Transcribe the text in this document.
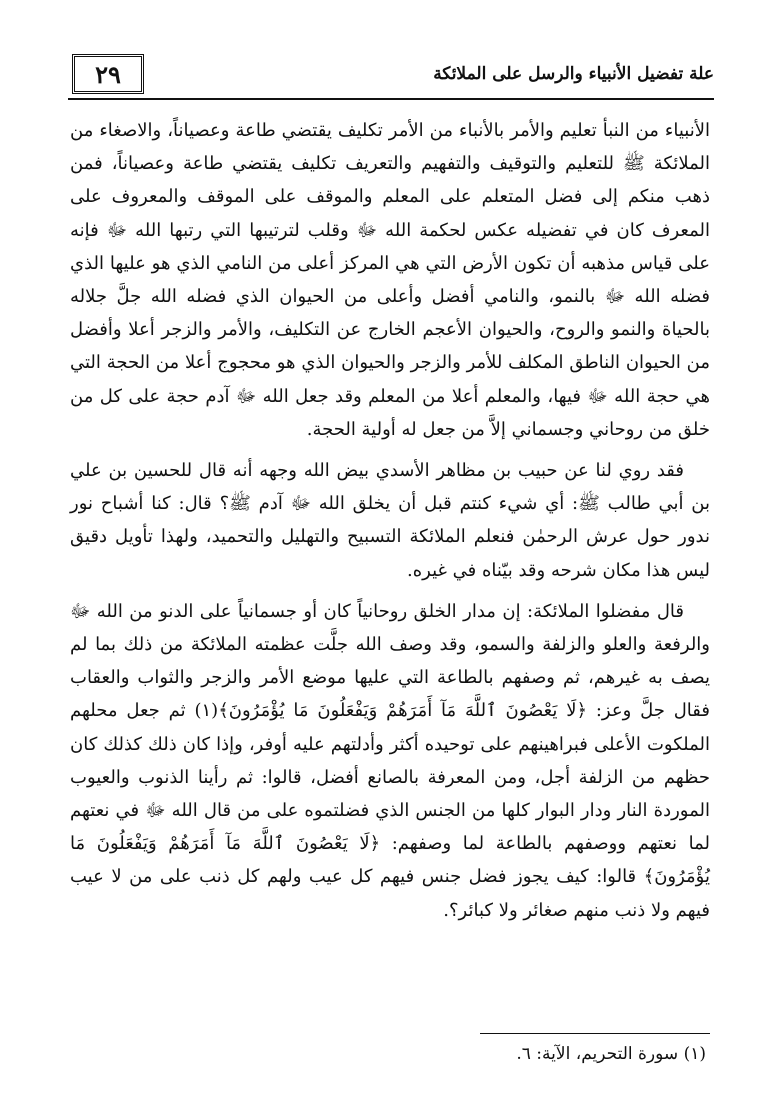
علة تفضيل الأنبياء والرسل على الملائكة
٢٩

الأنبياء من النبأ تعليم والأمر بالأنباء من الأمر تكليف يقتضي طاعة وعصياناً، والاصغاء من الملائكة ﷺ للتعليم والتوقيف والتفهيم والتعريف تكليف يقتضي طاعة وعصياناً، فمن ذهب منكم إلى فضل المتعلم على المعلم والموقف على الموقف والمعروف على المعرف كان في تفضيله عكس لحكمة الله ﷻ وقلب لترتيبها التي رتبها الله ﷻ فإنه على قياس مذهبه أن تكون الأرض التي هي المركز أعلى من النامي الذي هو عليها الذي فضله الله ﷻ بالنمو، والنامي أفضل وأعلى من الحيوان الذي فضله الله جلَّ جلاله بالحياة والنمو والروح، والحيوان الأعجم الخارج عن التكليف، والأمر والزجر أعلا وأفضل من الحيوان الناطق المكلف للأمر والزجر والحيوان الذي هو محجوج أعلا من الحجة التي هي حجة الله ﷻ فيها، والمعلم أعلا من المعلم وقد جعل الله ﷻ آدم حجة على كل من خلق من روحاني وجسماني إلاَّ من جعل له أولية الحجة.

فقد روي لنا عن حبيب بن مظاهر الأسدي بيض الله وجهه أنه قال للحسين بن علي بن أبي طالب ﷺ: أي شيء كنتم قبل أن يخلق الله ﷻ آدم ﷺ؟ قال: كنا أشباح نور ندور حول عرش الرحمٰن فنعلم الملائكة التسبيح والتهليل والتحميد، ولهذا تأويل دقيق ليس هذا مكان شرحه وقد بيّناه في غيره.

قال مفضلوا الملائكة: إن مدار الخلق روحانياً كان أو جسمانياً على الدنو من الله ﷻ والرفعة والعلو والزلفة والسمو، وقد وصف الله جلَّت عظمته الملائكة من ذلك بما لم يصف به غيرهم، ثم وصفهم بالطاعة التي عليها موضع الأمر والزجر والثواب والعقاب فقال جلَّ وعز: ﴿لَا يَعْصُونَ ٱللَّهَ مَآ أَمَرَهُمْ وَيَفْعَلُونَ مَا يُؤْمَرُونَ﴾(١) ثم جعل محلهم الملكوت الأعلى فبراهينهم على توحيده أكثر وأدلتهم عليه أوفر، وإذا كان ذلك كذلك كان حظهم من الزلفة أجل، ومن المعرفة بالصانع أفضل، قالوا: ثم رأينا الذنوب والعيوب الموردة النار ودار البوار كلها من الجنس الذي فضلتموه على من قال الله ﷻ في نعتهم لما نعتهم ووصفهم بالطاعة لما وصفهم: ﴿لَا يَعْصُونَ ٱللَّهَ مَآ أَمَرَهُمْ وَيَفْعَلُونَ مَا يُؤْمَرُونَ﴾ قالوا: كيف يجوز فضل جنس فيهم كل عيب ولهم كل ذنب على من لا عيب فيهم ولا ذنب منهم صغائر ولا كبائر؟.

(١) سورة التحريم، الآية: ٦.
